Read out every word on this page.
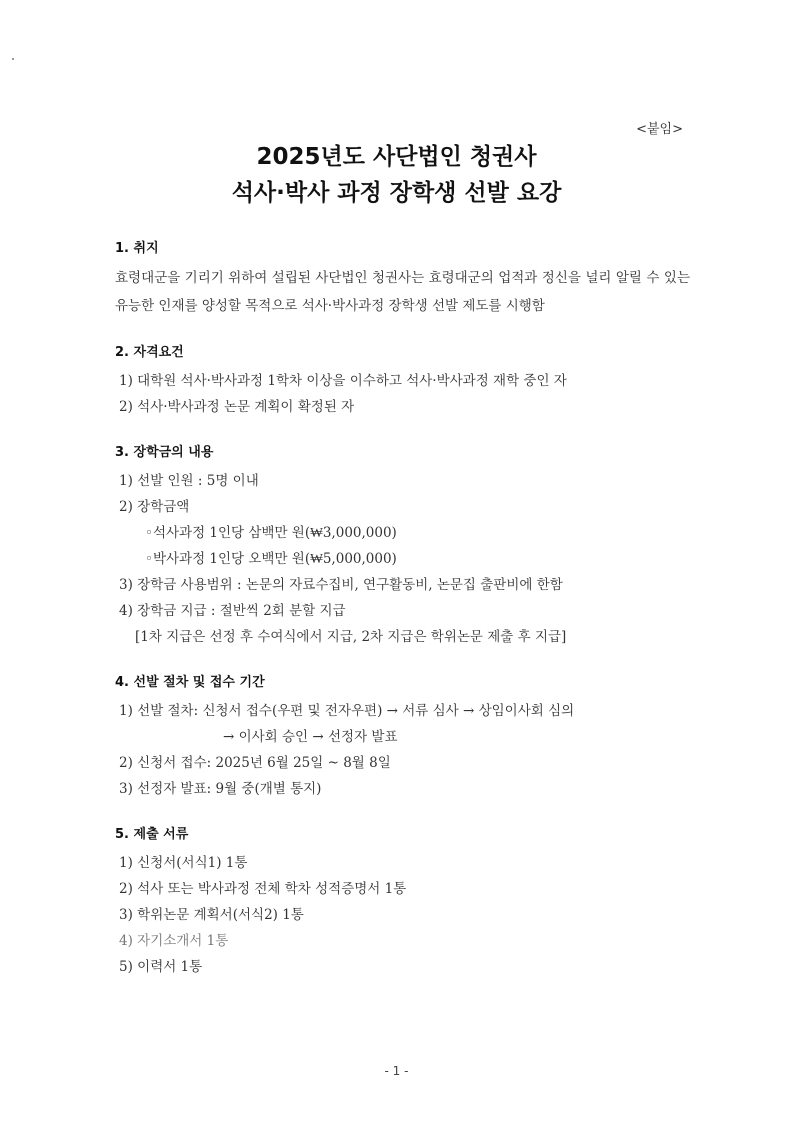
<붙임>
2025년도 사단법인 청권사
석사·박사 과정 장학생 선발 요강
1. 취지
효령대군을 기리기 위하여 설립된 사단법인 청권사는 효령대군의 업적과 정신을 널리 알릴 수 있는 유능한 인재를 양성할 목적으로 석사·박사과정 장학생 선발 제도를 시행함
2. 자격요건
1) 대학원 석사·박사과정 1학차 이상을 이수하고 석사·박사과정 재학 중인 자
2) 석사·박사과정 논문 계획이 확정된 자
3. 장학금의 내용
1) 선발 인원 : 5명 이내
2) 장학금액
◦석사과정 1인당 삼백만 원(₩3,000,000)
◦박사과정 1인당 오백만 원(₩5,000,000)
3) 장학금 사용범위 : 논문의 자료수집비, 연구활동비, 논문집 출판비에 한함
4) 장학금 지급 : 절반씩 2회 분할 지급
[1차 지급은 선정 후 수여식에서 지급, 2차 지급은 학위논문 제출 후 지급]
4. 선발 절차 및 접수 기간
1) 선발 절차: 신청서 접수(우편 및 전자우편) → 서류 심사 → 상임이사회 심의
→ 이사회 승인 → 선정자 발표
2) 신청서 접수: 2025년 6월 25일 ~ 8월 8일
3) 선정자 발표: 9월 중(개별 통지)
5. 제출 서류
1) 신청서(서식1) 1통
2) 석사 또는 박사과정 전체 학차 성적증명서 1통
3) 학위논문 계획서(서식2) 1통
4) 자기소개서 1통
5) 이력서 1통
- 1 -
